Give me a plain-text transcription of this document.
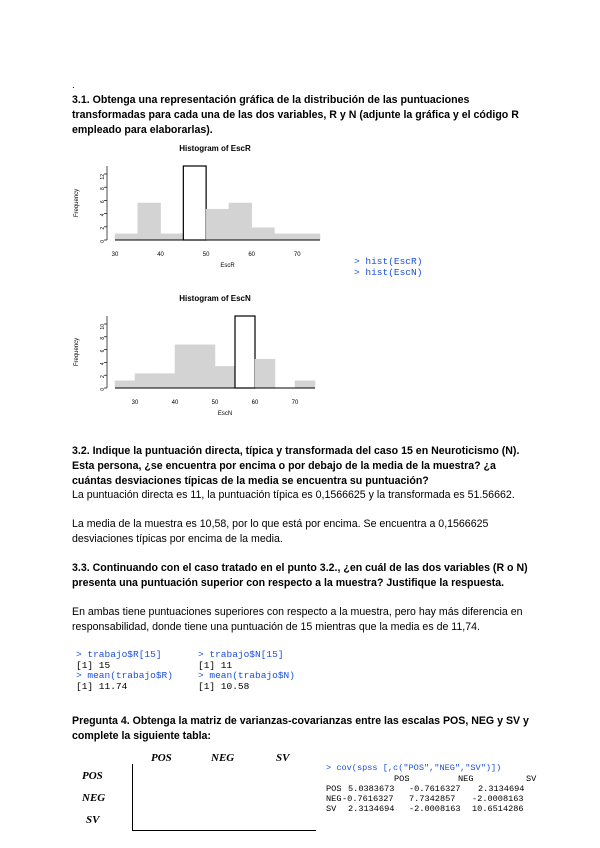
.
3.1. Obtenga una representación gráfica de la distribución de las puntuaciones transformadas para cada una de las dos variables, R y N (adjunte la gráfica y el código R empleado para elaborarlas).
Histogram of EscR
0
2
4
6
8
12
30	40	50	60	70
EscR
Frequency
> hist(EscR)
> hist(EscN)
Histogram of EscN
0
2
4
6
8
10
30	40	50	60	70
EscN
Frequency
3.2. Indique la puntuación directa, típica y transformada del caso 15 en Neuroticismo (N). Esta persona, ¿se encuentra por encima o por debajo de la media de la muestra? ¿a cuántas desviaciones típicas de la media se encuentra su puntuación?
La puntuación directa es 11, la puntuación típica es 0,1566625 y la transformada es 51.56662.
La media de la muestra es 10,58, por lo que está por encima. Se encuentra a 0,1566625 desviaciones típicas por encima de la media.
3.3. Continuando con el caso tratado en el punto 3.2., ¿en cuál de las dos variables (R o N) presenta una puntuación superior con respecto a la muestra? Justifique la respuesta.
En ambas tiene puntuaciones superiores con respecto a la muestra, pero hay más diferencia en responsabilidad, donde tiene una puntuación de 15 mientras que la media es de 11,74.
> trabajo$R[15]
[1] 15
> mean(trabajo$R)
[1] 11.74
> trabajo$N[15]
[1] 11
> mean(trabajo$N)
[1] 10.58
Pregunta 4. Obtenga la matriz de varianzas-covarianzas entre las escalas POS, NEG y SV y complete la siguiente tabla:
POS	NEG	SV
POS
NEG
SV
> cov(spss [,c("POS","NEG","SV")])
POS	NEG	SV
POS 5.0383673 -0.7616327 2.3134694
NEG -0.7616327 7.7342857 -2.0008163
SV 2.3134694 -2.0008163 10.6514286
